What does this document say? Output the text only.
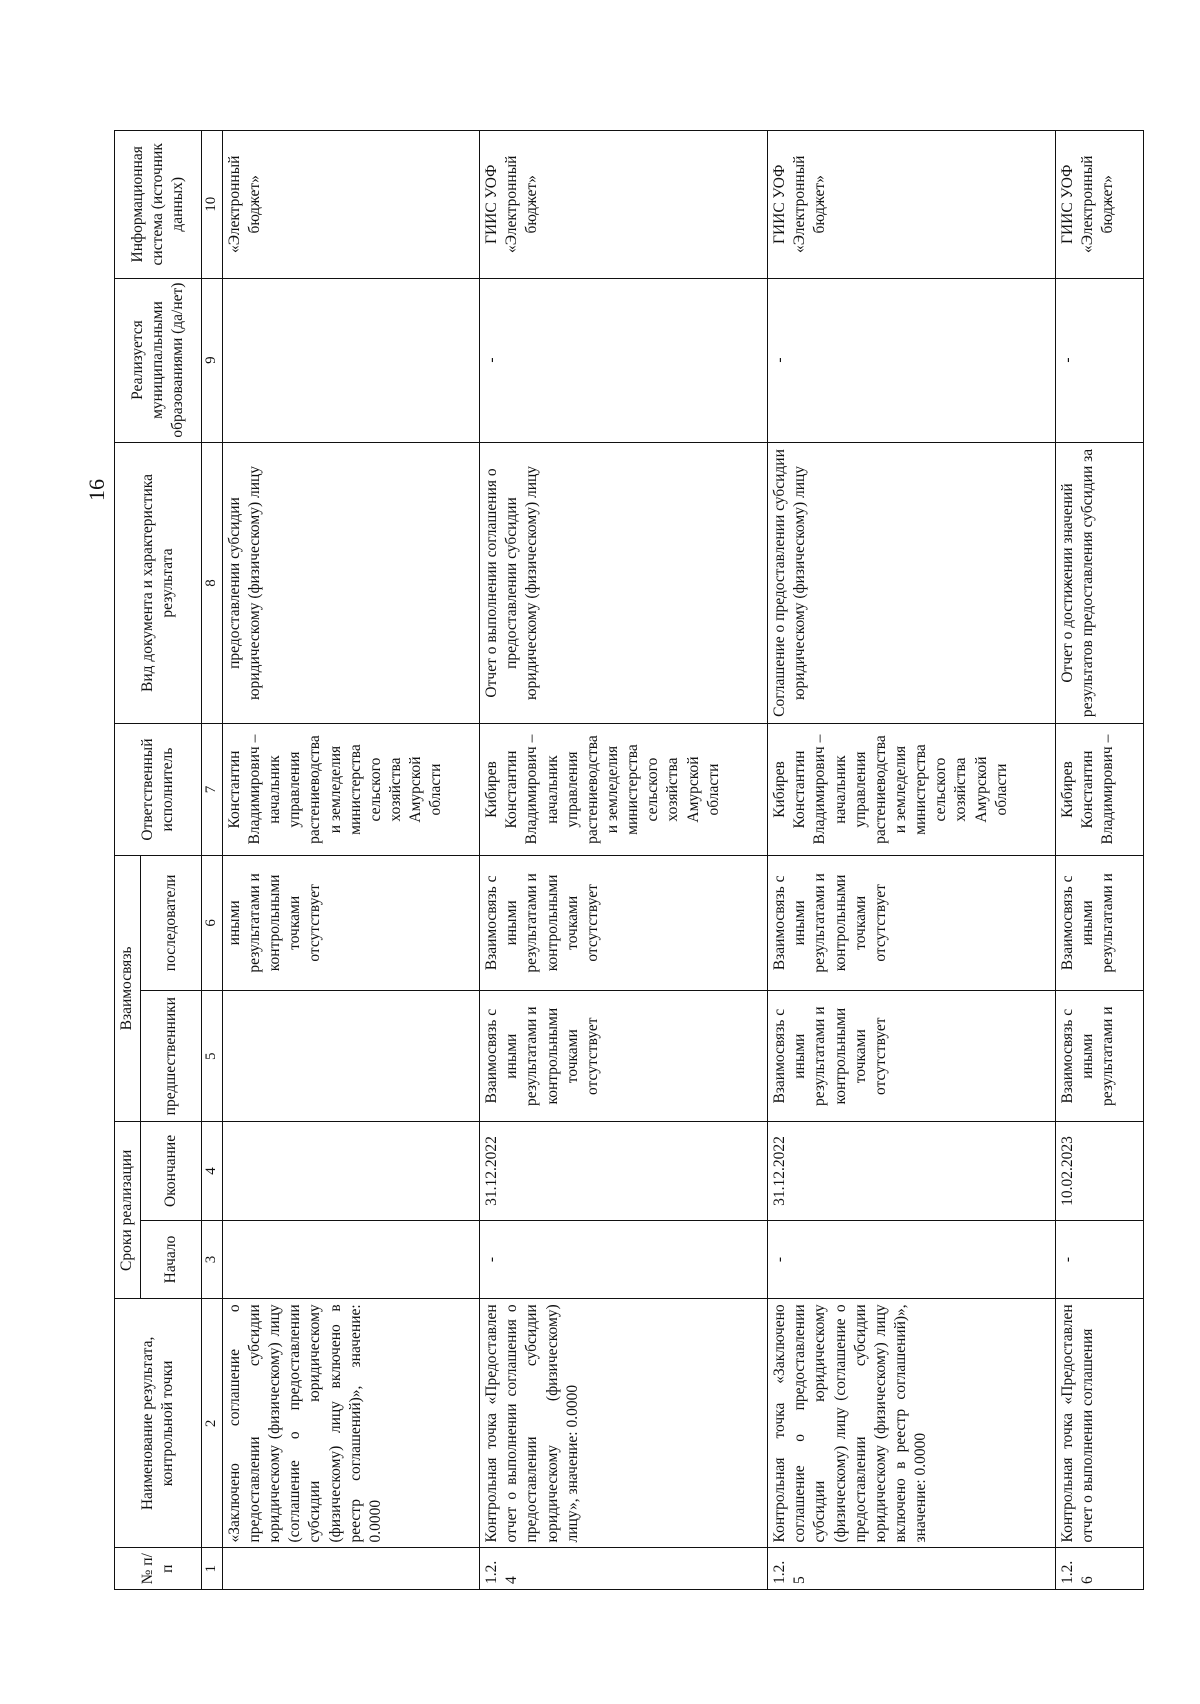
16
№ п/п	Наименование результата, контрольной точки	Сроки реализации		Взаимосвязь		Ответственный исполнитель	Вид документа и характеристика результата	Реализуется муниципальными образованиями (да/нет)	Информационная система (источник данных)
		Начало	Окончание	предшественники	последователи				
1	2	3	4	5	6	7	8	9	10
	«Заключено соглашение о предоставлении субсидии юридическому (физическому) лицу (соглашение о предоставлении субсидии юридическому (физическому) лицу включено в реестр соглашений)», значение: 0.0000				иными результатами и контрольными точками отсутствует	Константин Владимирович – начальник управления растениеводства и земледелия министерства сельского хозяйства Амурской области	предоставлении субсидии юридическому (физическому) лицу		«Электронный бюджет»
1.2.4	Контрольная точка «Предоставлен отчет о выполнении соглашения о предоставлении субсидии юридическому (физическому) лицу», значение: 0.0000	-	31.12.2022	Взаимосвязь с иными результатами и контрольными точками отсутствует	Взаимосвязь с иными результатами и контрольными точками отсутствует	Кибирев Константин Владимирович – начальник управления растениеводства и земледелия министерства сельского хозяйства Амурской области	Отчет о выполнении соглашения о предоставлении субсидии юридическому (физическому) лицу	-	ГИИС УОФ «Электронный бюджет»
1.2.5	Контрольная точка «Заключено соглашение о предоставлении субсидии юридическому (физическому) лицу (соглашение о предоставлении субсидии юридическому (физическому) лицу включено в реестр соглашений)», значение: 0.0000	-	31.12.2022	Взаимосвязь с иными результатами и контрольными точками отсутствует	Взаимосвязь с иными результатами и контрольными точками отсутствует	Кибирев Константин Владимирович – начальник управления растениеводства и земледелия министерства сельского хозяйства Амурской области	Соглашение о предоставлении субсидии юридическому (физическому) лицу	-	ГИИС УОФ «Электронный бюджет»
1.2.6	Контрольная точка «Предоставлен отчет о выполнении соглашения	-	10.02.2023	Взаимосвязь с иными результатами и	Взаимосвязь с иными результатами и	Кибирев Константин Владимирович –	Отчет о достижении значений результатов предоставления субсидии за	-	ГИИС УОФ «Электронный бюджет»
